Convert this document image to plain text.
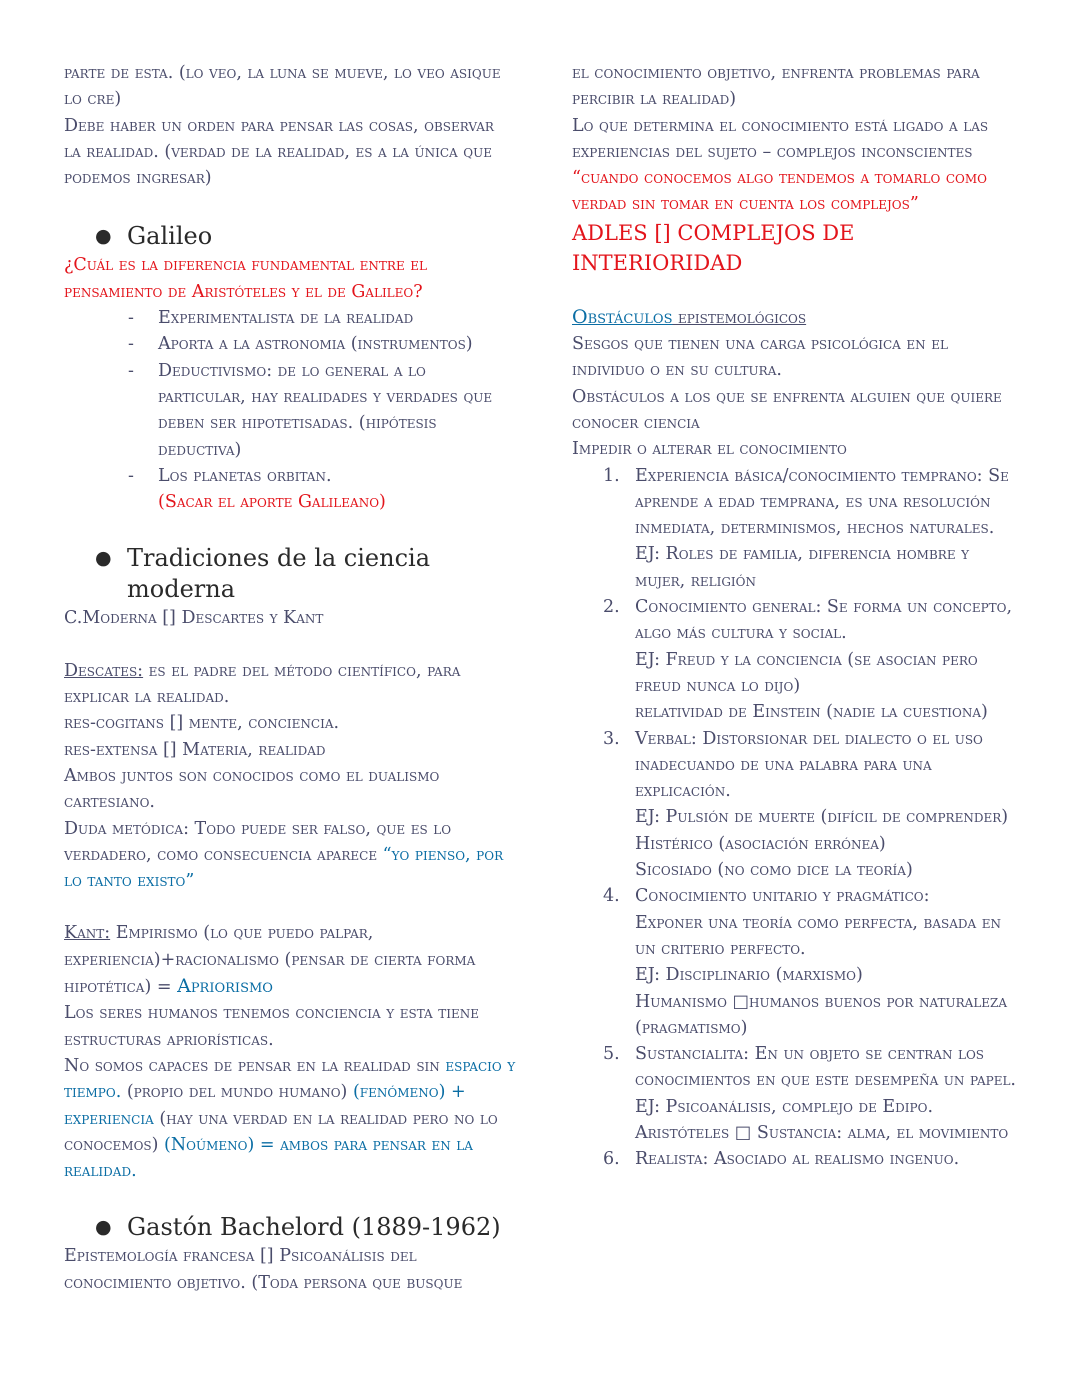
parte de esta. (lo veo, la luna se mueve, lo veo asique lo cre)

Debe haber un orden para pensar las cosas, observar la realidad. (verdad de la realidad, es a la única que podemos ingresar)

● Galileo

¿Cuál es la diferencia fundamental entre el pensamiento de Aristóteles y el de Galileo?

- Experimentalista de la realidad
- Aporta a la astronomia (instrumentos)
- Deductivismo: de lo general a lo particular, hay realidades y verdades que deben ser hipotetisadas. (hipótesis deductiva)
- Los planetas orbitan.
(Sacar el aporte Galileano)
● Tradiciones de la ciencia moderna

C.Moderna [] Descartes y Kant

Descates: es el padre del método científico, para explicar la realidad.

res-cogitans [] mente, conciencia.

res-extensa [] Materia, realidad

Ambos juntos son conocidos como el dualismo cartesiano.

Duda metódica: Todo puede ser falso, que es lo verdadero, como consecuencia aparece “yo pienso, por lo tanto existo”

Kant: Empirismo (lo que puedo palpar, experiencia)+racionalismo (pensar de cierta forma hipotética) = Apriorismo

Los seres humanos tenemos conciencia y esta tiene estructuras apriorísticas.

No somos capaces de pensar en la realidad sin espacio y tiempo. (propio del mundo humano) (fenómeno) + experiencia (hay una verdad en la realidad pero no lo conocemos) (Noúmeno) = ambos para pensar en la realidad.

● Gastón Bachelord (1889-1962)

Epistemología francesa [] Psicoanálisis del conocimiento objetivo. (Toda persona que busque

el conocimiento objetivo, enfrenta problemas para percibir la realidad)

Lo que determina el conocimiento está ligado a las experiencias del sujeto – complejos inconscientes “cuando conocemos algo tendemos a tomarlo como verdad sin tomar en cuenta los complejos”

ADLES [] COMPLEJOS DE INTERIORIDAD

Obstáculos epistemológicos

Sesgos que tienen una carga psicológica en el individuo o en su cultura.

Obstáculos a los que se enfrenta alguien que quiere conocer ciencia

Impedir o alterar el conocimiento

1. Experiencia básica/conocimiento temprano: Se aprende a edad temprana, es una resolución inmediata, determinismos, hechos naturales.
EJ: Roles de familia, diferencia hombre y mujer, religión
2. Conocimiento general: Se forma un concepto, algo más cultura y social.
EJ: Freud y la conciencia (se asocian pero freud nunca lo dijo)
relatividad de Einstein (nadie la cuestiona)
3. Verbal: Distorsionar del dialecto o el uso inadecuando de una palabra para una explicación.
EJ: Pulsión de muerte (difícil de comprender)
Histérico (asociación errónea)
Sicosiado (no como dice la teoría)
4. Conocimiento unitario y pragmático:
Exponer una teoría como perfecta, basada en un criterio perfecto.
EJ: Disciplinario (marxismo)
Humanismo □humanos buenos por naturaleza (pragmatismo)
5. Sustancialita: En un objeto se centran los conocimientos en que este desempeña un papel.
EJ: Psicoanálisis, complejo de Edipo.
Aristóteles □ Sustancia: alma, el movimiento
6. Realista: Asociado al realismo ingenuo.
